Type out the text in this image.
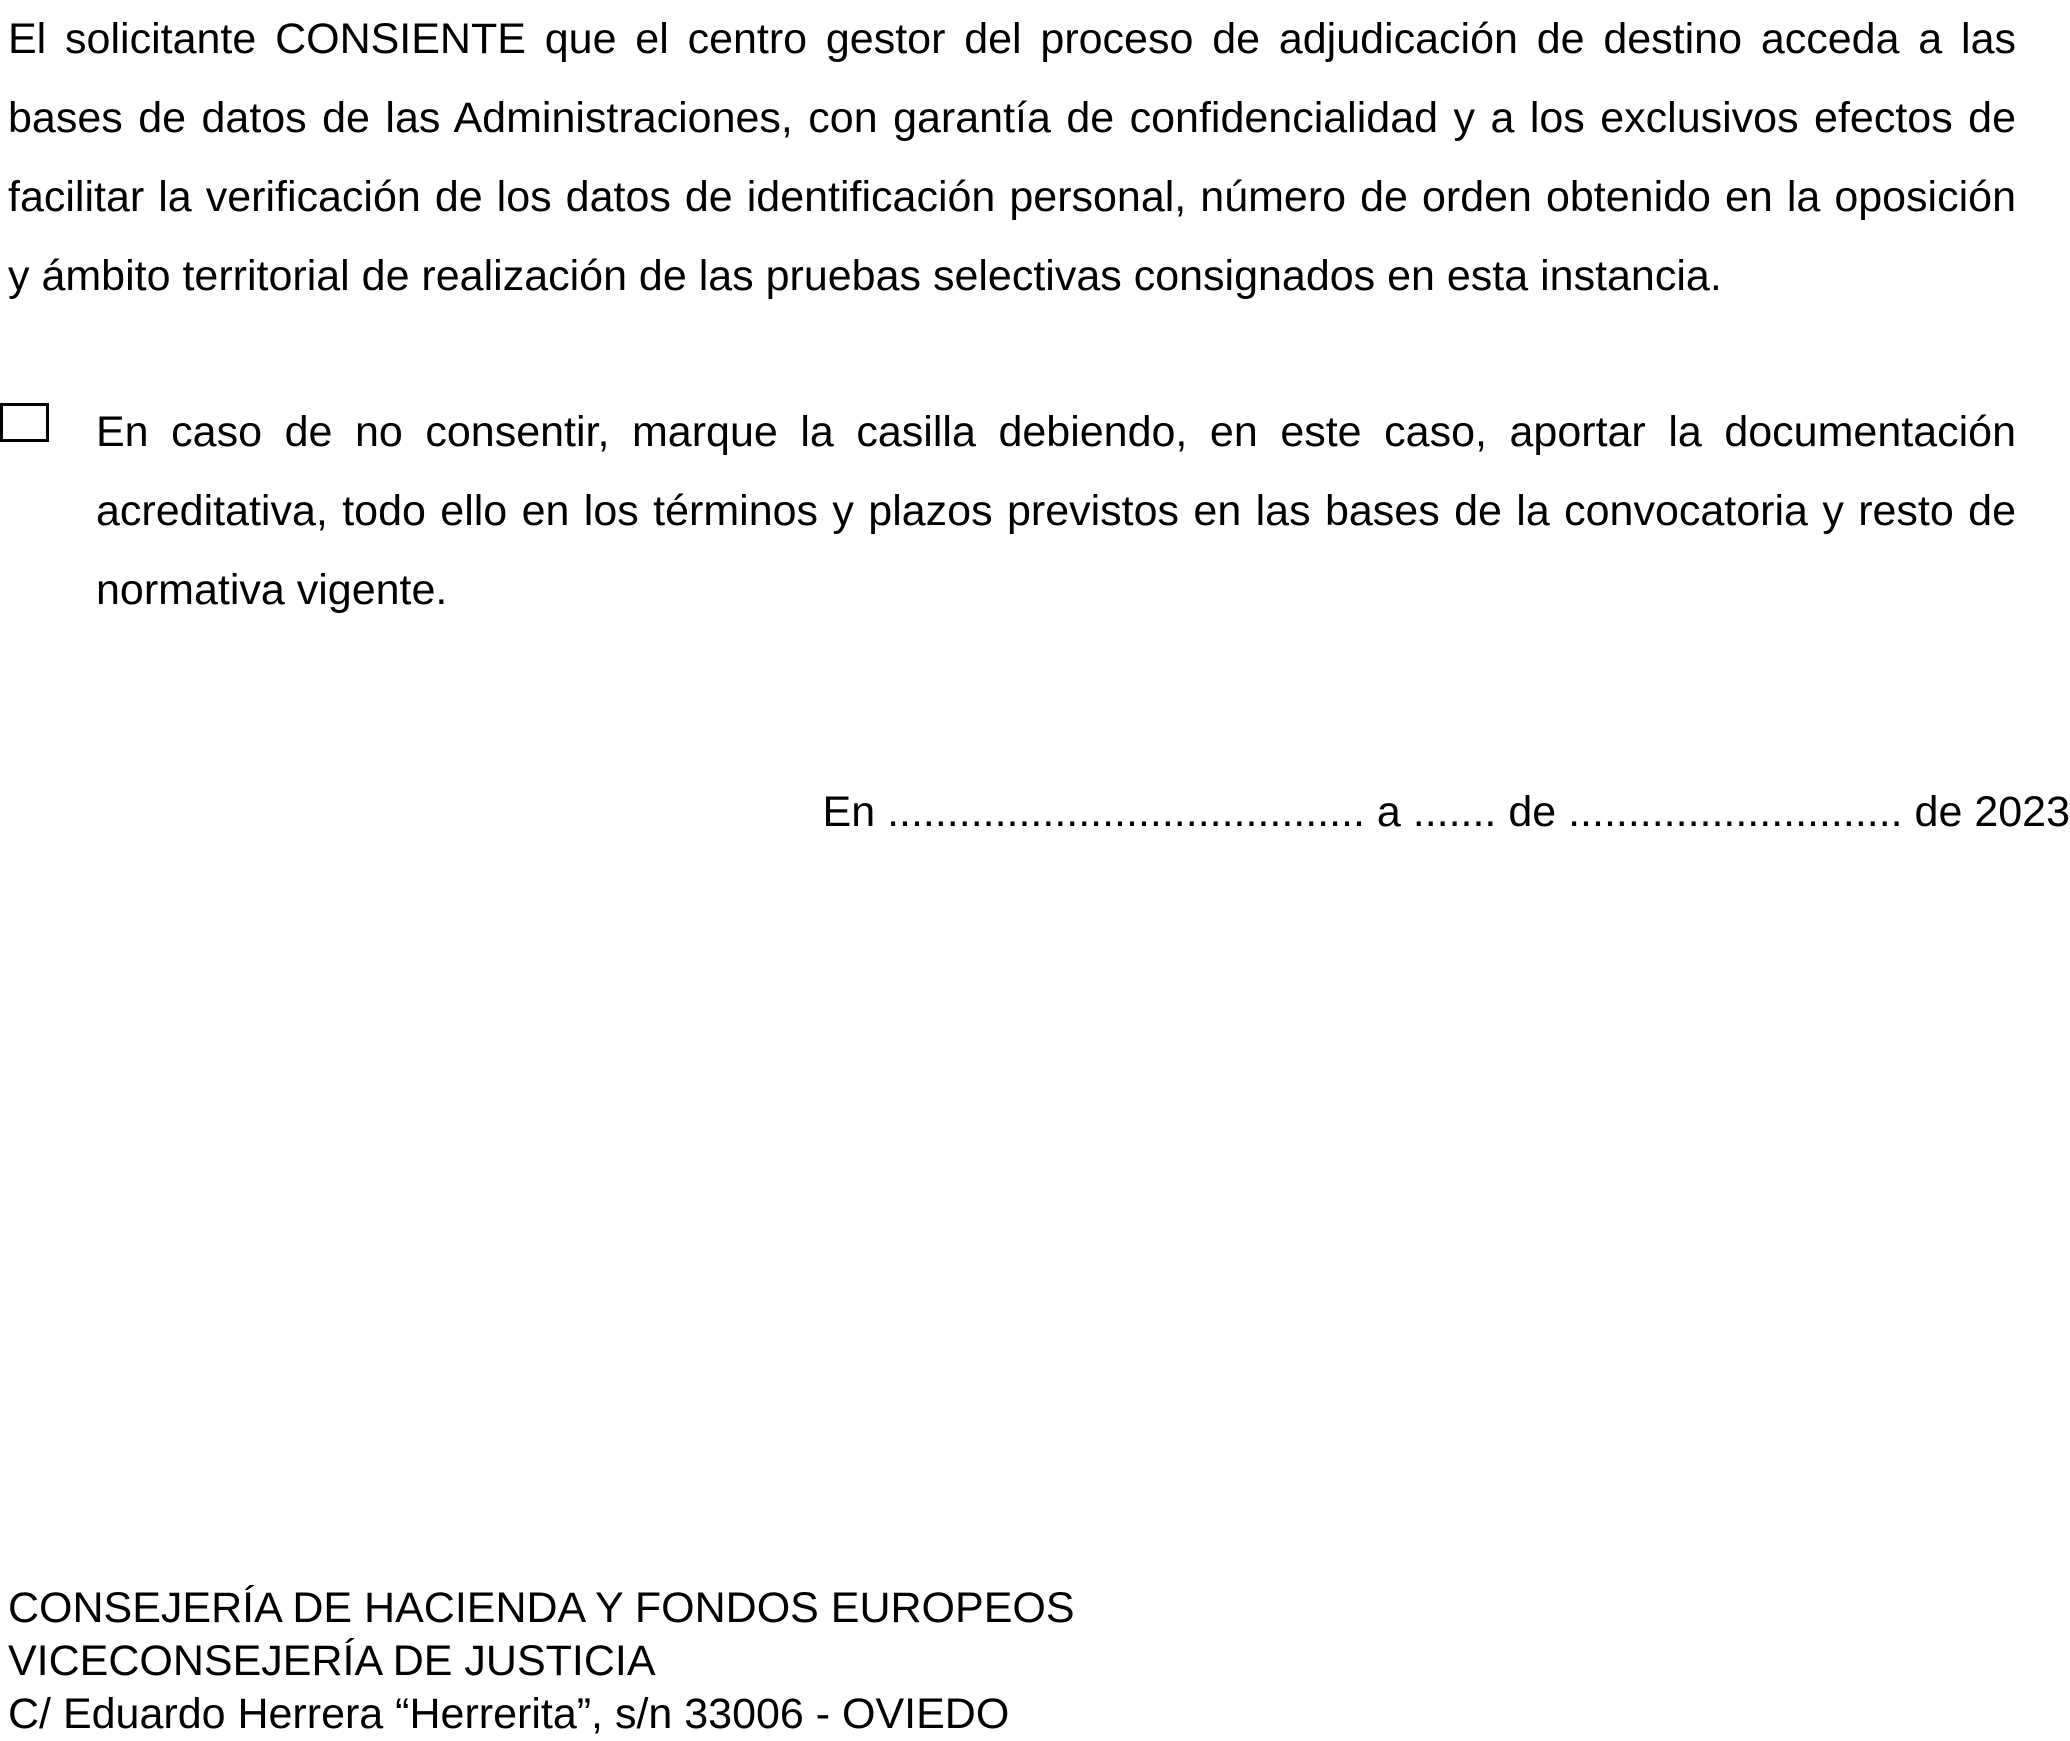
El solicitante CONSIENTE que el centro gestor del proceso de adjudicación de destino acceda a las bases de datos de las Administraciones, con garantía de confidencialidad y a los exclusivos efectos de facilitar la verificación de los datos de identificación personal, número de orden obtenido en la oposición y ámbito territorial de realización de las pruebas selectivas consignados en esta instancia.

En caso de no consentir, marque la casilla debiendo, en este caso, aportar la documentación acreditativa, todo ello en los términos y plazos previstos en las bases de la convocatoria y resto de normativa vigente.

En ........................................ a ....... de ............................ de 2023

CONSEJERÍA DE HACIENDA Y FONDOS EUROPEOS
VICECONSEJERÍA DE JUSTICIA
C/ Eduardo Herrera “Herrerita”, s/n 33006 - OVIEDO
